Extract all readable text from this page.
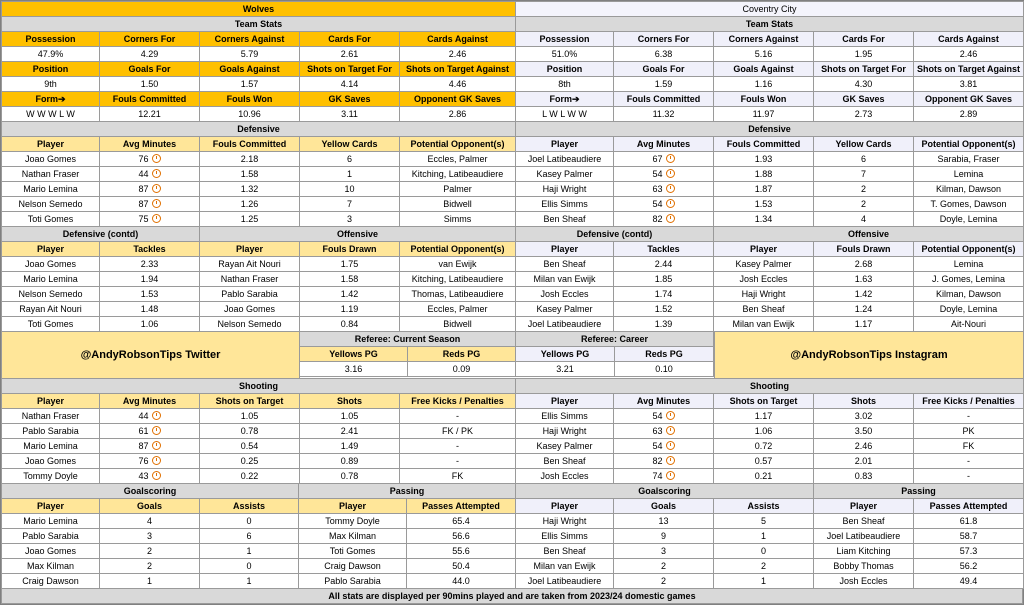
Wolves				
Team Stats				
Possession	Corners For	Corners Against	Cards For	Cards Against
47.9%	4.29	5.79	2.61	2.46
Position	Goals For	Goals Against	Shots on Target For	Shots on Target Against
9th	1.50	1.57	4.14	4.46
Form➔	Fouls Committed	Fouls Won	GK Saves	Opponent GK Saves
W W W L W	12.21	10.96	3.11	2.86
Coventry City				
Team Stats				
Possession	Corners For	Corners Against	Cards For	Cards Against
51.0%	6.38	5.16	1.95	2.46
Position	Goals For	Goals Against	Shots on Target For	Shots on Target Against
8th	1.59	1.16	4.30	3.81
Form➔	Fouls Committed	Fouls Won	GK Saves	Opponent GK Saves
L W L W W	11.32	11.97	2.73	2.89
Defensive				
Player	Avg Minutes	Fouls Committed	Yellow Cards	Potential Opponent(s)
Joao Gomes	76	2.18	6	Eccles, Palmer
Nathan Fraser	44	1.58	1	Kitching, Latibeaudiere
Mario Lemina	87	1.32	10	Palmer
Nelson Semedo	87	1.26	7	Bidwell
Toti Gomes	75	1.25	3	Simms
Defensive				
Player	Avg Minutes	Fouls Committed	Yellow Cards	Potential Opponent(s)
Joel Latibeaudiere	67	1.93	6	Sarabia, Fraser
Kasey Palmer	54	1.88	7	Lemina
Haji Wright	63	1.87	2	Kilman, Dawson
Ellis Simms	54	1.53	2	T. Gomes, Dawson
Ben Sheaf	82	1.34	4	Doyle, Lemina
Defensive (contd)	
Player	Tackles
Joao Gomes	2.33
Mario Lemina	1.94
Nelson Semedo	1.53
Rayan Ait Nouri	1.48
Toti Gomes	1.06
Offensive		
Player	Fouls Drawn	Potential Opponent(s)
Rayan Ait Nouri	1.75	van Ewijk
Nathan Fraser	1.58	Kitching, Latibeaudiere
Pablo Sarabia	1.42	Thomas, Latibeaudiere
Joao Gomes	1.19	Eccles, Palmer
Nelson Semedo	0.84	Bidwell
Defensive (contd)	
Player	Tackles
Ben Sheaf	2.44
Milan van Ewijk	1.85
Josh Eccles	1.74
Kasey Palmer	1.52
Joel Latibeaudiere	1.39
Offensive		
Player	Fouls Drawn	Potential Opponent(s)
Kasey Palmer	2.68	Lemina
Josh Eccles	1.63	J. Gomes, Lemina
Haji Wright	1.42	Kilman, Dawson
Ben Sheaf	1.24	Doyle, Lemina
Milan van Ewijk	1.17	Ait-Nouri
@AndyRobsonTips Twitter
Referee: Current Season	
Yellows PG	Reds PG
3.16	0.09
Referee: Career	
Yellows PG	Reds PG
3.21	0.10
@AndyRobsonTips Instagram
Shooting				
Player	Avg Minutes	Shots on Target	Shots	Free Kicks / Penalties
Nathan Fraser	44	1.05	1.05	-
Pablo Sarabia	61	0.78	2.41	FK / PK
Mario Lemina	87	0.54	1.49	-
Joao Gomes	76	0.25	0.89	-
Tommy Doyle	43	0.22	0.78	FK
Shooting				
Player	Avg Minutes	Shots on Target	Shots	Free Kicks / Penalties
Ellis Simms	54	1.17	3.02	-
Haji Wright	63	1.06	3.50	PK
Kasey Palmer	54	0.72	2.46	FK
Ben Sheaf	82	0.57	2.01	-
Josh Eccles	74	0.21	0.83	-
Goalscoring		
Player	Goals	Assists
Mario Lemina	4	0
Pablo Sarabia	3	6
Joao Gomes	2	1
Max Kilman	2	0
Craig Dawson	1	1
Passing	
Player	Passes Attempted
Tommy Doyle	65.4
Max Kilman	56.6
Toti Gomes	55.6
Craig Dawson	50.4
Pablo Sarabia	44.0
Goalscoring		
Player	Goals	Assists
Haji Wright	13	5
Ellis Simms	9	1
Ben Sheaf	3	0
Milan van Ewijk	2	2
Joel Latibeaudiere	2	1
Passing	
Player	Passes Attempted
Ben Sheaf	61.8
Joel Latibeaudiere	58.7
Liam Kitching	57.3
Bobby Thomas	56.2
Josh Eccles	49.4
All stats are displayed per 90mins played and are taken from 2023/24 domestic games
